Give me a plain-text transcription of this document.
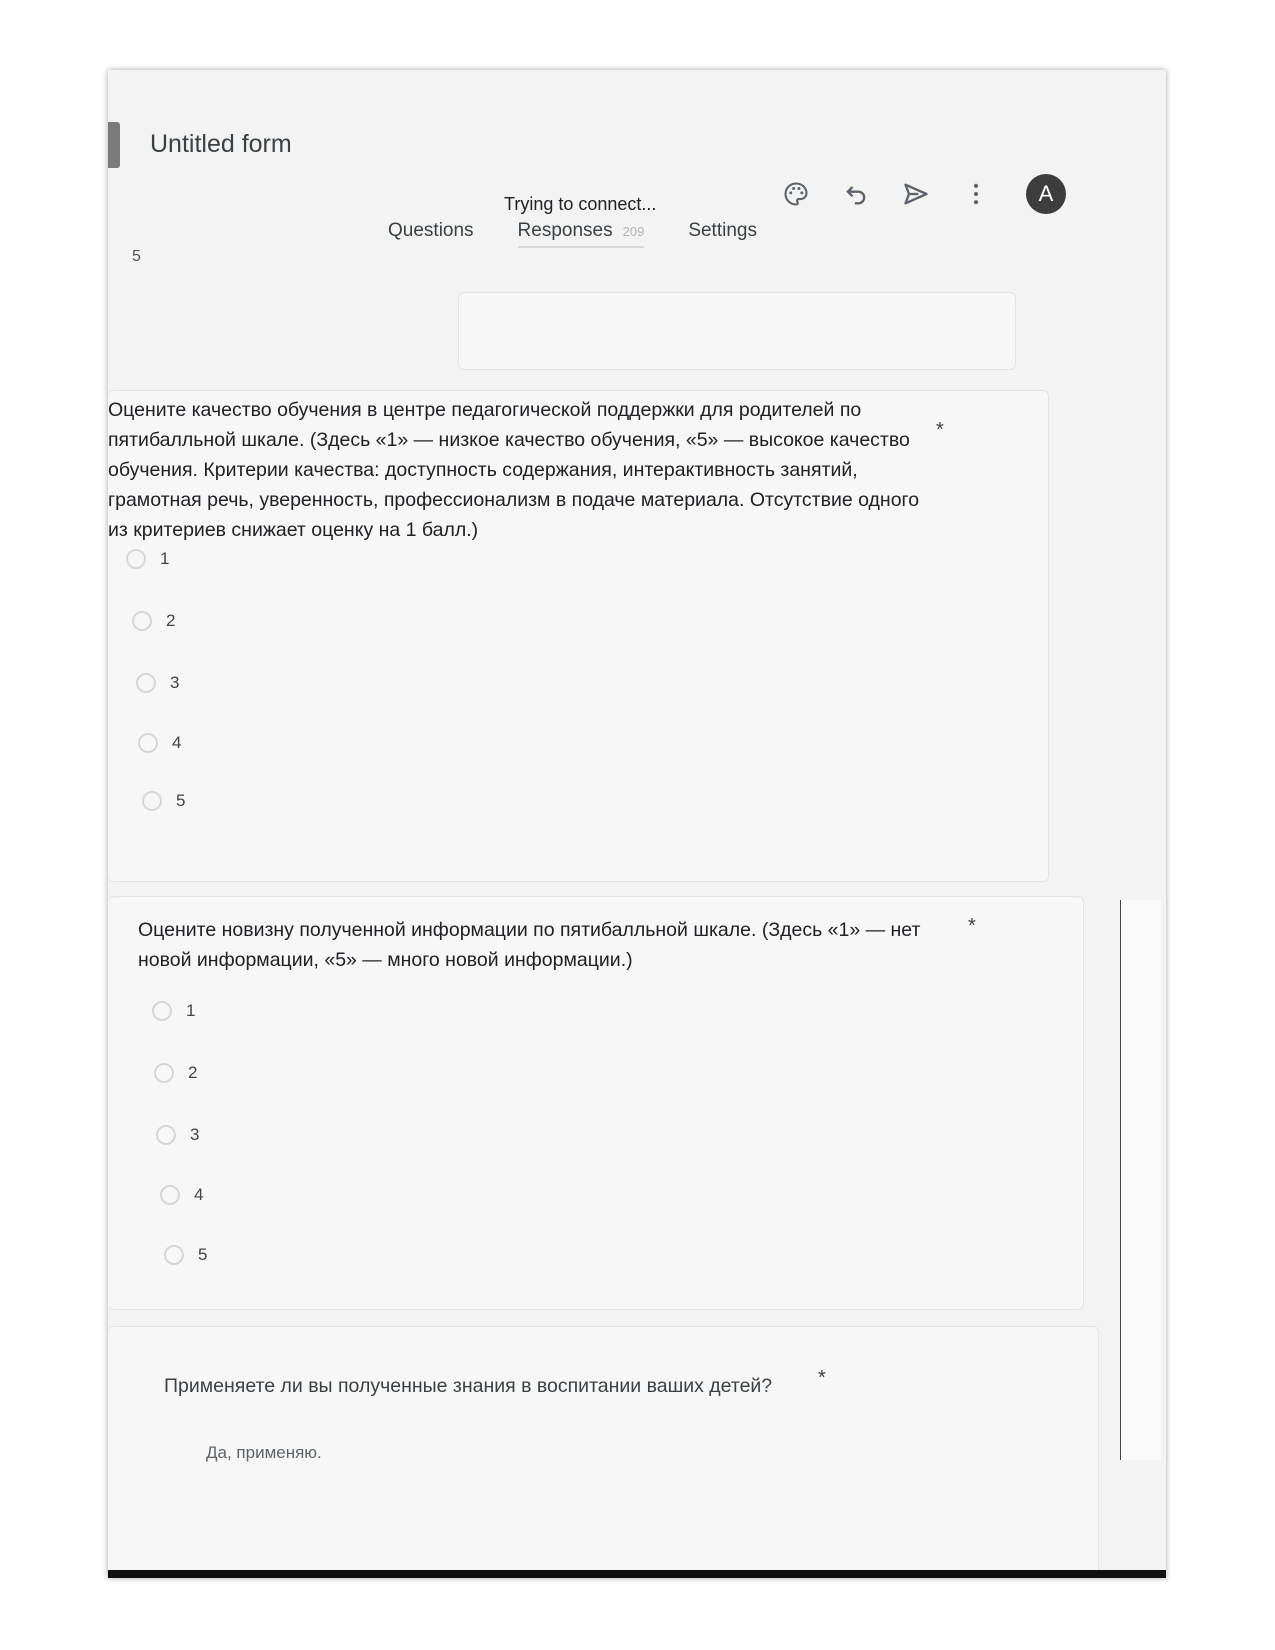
Untitled form
Trying to connect...	A
Questions Responses 209 Settings
5
Оцените качество обучения в центре педагогической поддержки для родителей по пятибалльной шкале. (Здесь «1» — низкое качество обучения, «5» — высокое качество обучения. Критерии качества: доступность содержания, интерактивность занятий, грамотная речь, уверенность, профессионализм в подаче материала. Отсутствие одного из критериев снижает оценку на 1 балл.)
*
1
2
3
4
5
Оцените новизну полученной информации по пятибалльной шкале. (Здесь «1» — нет новой информации, «5» — много новой информации.)
*
1
2
3
4
5
Применяете ли вы полученные знания в воспитании ваших детей?	*
Да, применяю.
